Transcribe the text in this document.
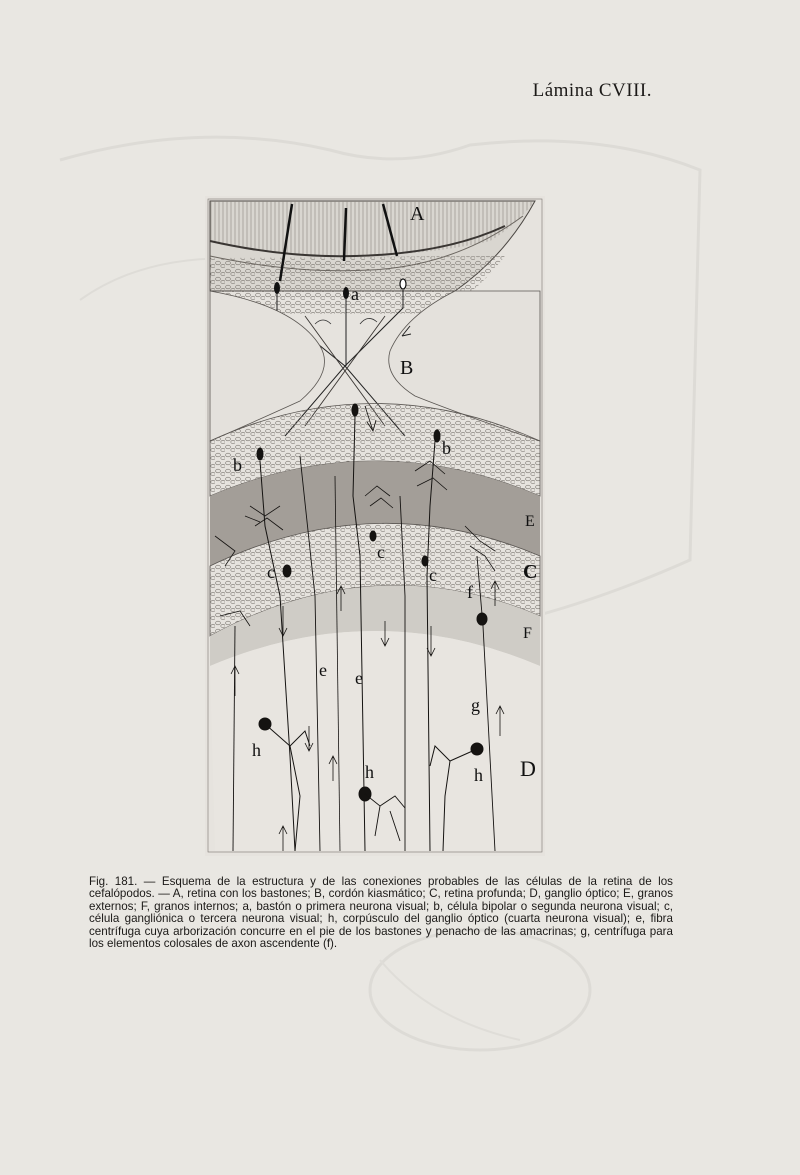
Lámina CVIII.
A
B
E
C
F
D
a
b
b
c
c
c
f
e e
g
h
h	h
Fig. 181. — Esquema de la estructura y de las conexiones probables de las células de la retina de los cefalópodos. — A, retina con los bastones; B, cordón kiasmático; C, retina profunda; D, ganglio óptico; E, granos externos; F, granos internos; a, bastón o primera neurona visual; b, célula bipolar o segunda neurona visual; c, célula gangliónica o tercera neurona visual; h, corpúsculo del ganglio óptico (cuarta neurona visual); e, fibra centrífuga cuya arborización concurre en el pie de los bastones y penacho de las amacrinas; g, centrífuga para los elementos colosales de axon ascendente (f).
